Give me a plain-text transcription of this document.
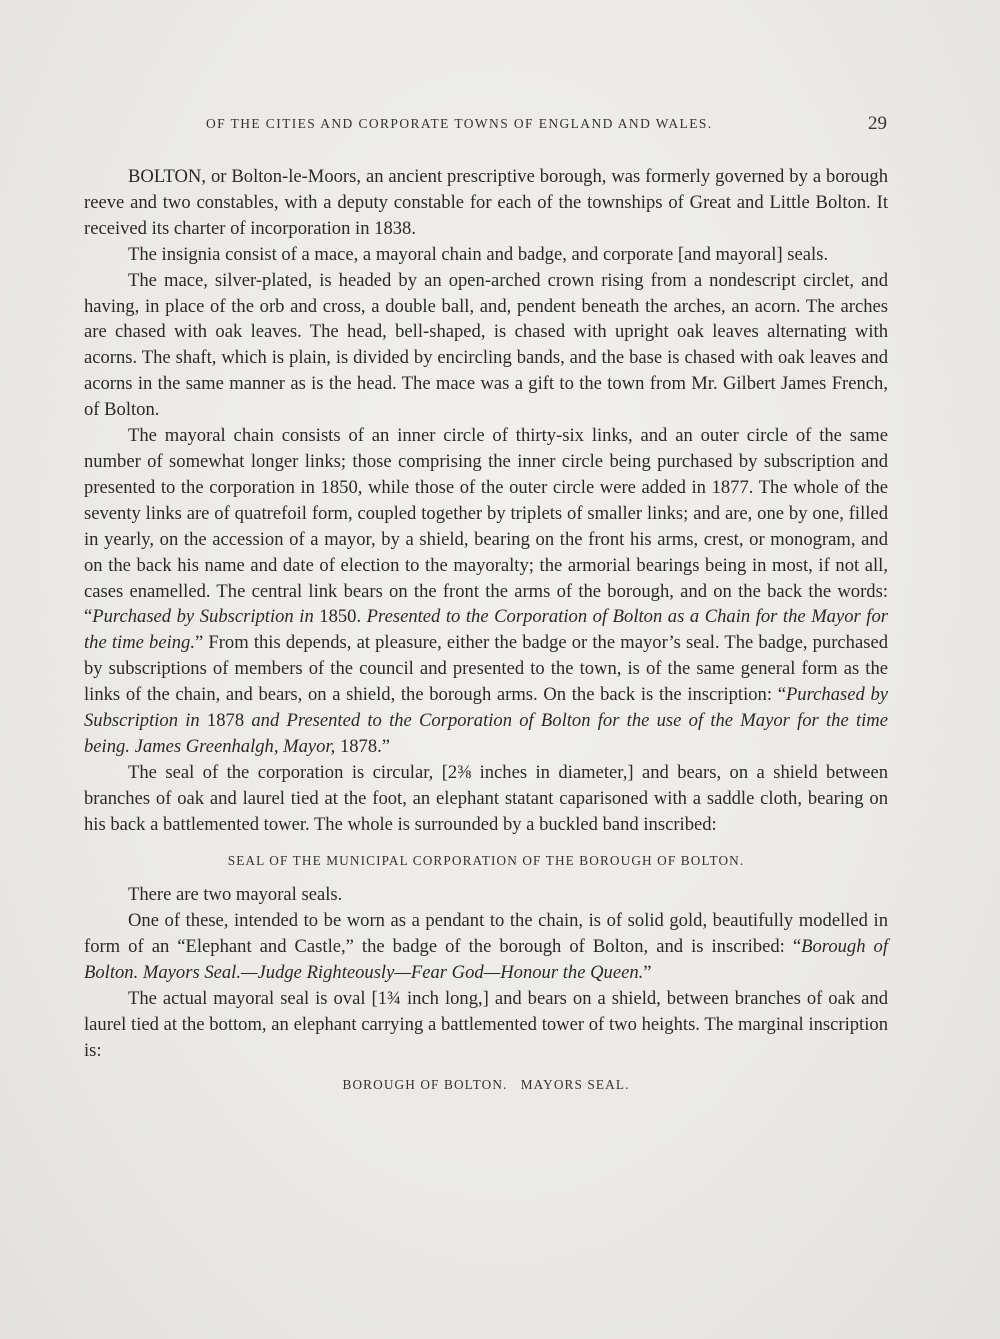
OF THE CITIES AND CORPORATE TOWNS OF ENGLAND AND WALES.	29

BOLTON, or Bolton-le-Moors, an ancient prescriptive borough, was formerly governed by a borough reeve and two constables, with a deputy constable for each of the townships of Great and Little Bolton. It received its charter of incorporation in 1838.

The insignia consist of a mace, a mayoral chain and badge, and corporate [and mayoral] seals.

The mace, silver-plated, is headed by an open-arched crown rising from a nondescript circlet, and having, in place of the orb and cross, a double ball, and, pendent beneath the arches, an acorn. The arches are chased with oak leaves. The head, bell-shaped, is chased with upright oak leaves alternating with acorns. The shaft, which is plain, is divided by encircling bands, and the base is chased with oak leaves and acorns in the same manner as is the head. The mace was a gift to the town from Mr. Gilbert James French, of Bolton.

The mayoral chain consists of an inner circle of thirty-six links, and an outer circle of the same number of somewhat longer links; those comprising the inner circle being purchased by subscription and presented to the corporation in 1850, while those of the outer circle were added in 1877. The whole of the seventy links are of quatrefoil form, coupled together by triplets of smaller links; and are, one by one, filled in yearly, on the accession of a mayor, by a shield, bearing on the front his arms, crest, or monogram, and on the back his name and date of election to the mayoralty; the armorial bearings being in most, if not all, cases enamelled. The central link bears on the front the arms of the borough, and on the back the words: “Purchased by Subscription in 1850. Presented to the Corporation of Bolton as a Chain for the Mayor for the time being.” From this depends, at pleasure, either the badge or the mayor’s seal. The badge, purchased by subscriptions of members of the council and presented to the town, is of the same general form as the links of the chain, and bears, on a shield, the borough arms. On the back is the inscription: “Purchased by Subscription in 1878 and Presented to the Corporation of Bolton for the use of the Mayor for the time being. James Greenhalgh, Mayor, 1878.”

The seal of the corporation is circular, [2⅜ inches in diameter,] and bears, on a shield between branches of oak and laurel tied at the foot, an elephant statant caparisoned with a saddle cloth, bearing on his back a battlemented tower. The whole is surrounded by a buckled band inscribed:

SEAL OF THE MUNICIPAL CORPORATION OF THE BOROUGH OF BOLTON.

There are two mayoral seals.

One of these, intended to be worn as a pendant to the chain, is of solid gold, beautifully modelled in form of an “Elephant and Castle,” the badge of the borough of Bolton, and is inscribed: “Borough of Bolton. Mayors Seal.—Judge Righteously—Fear God—Honour the Queen.”

The actual mayoral seal is oval [1¾ inch long,] and bears on a shield, between branches of oak and laurel tied at the bottom, an elephant carrying a battlemented tower of two heights. The marginal inscription is:

BOROUGH OF BOLTON.   MAYORS SEAL.
